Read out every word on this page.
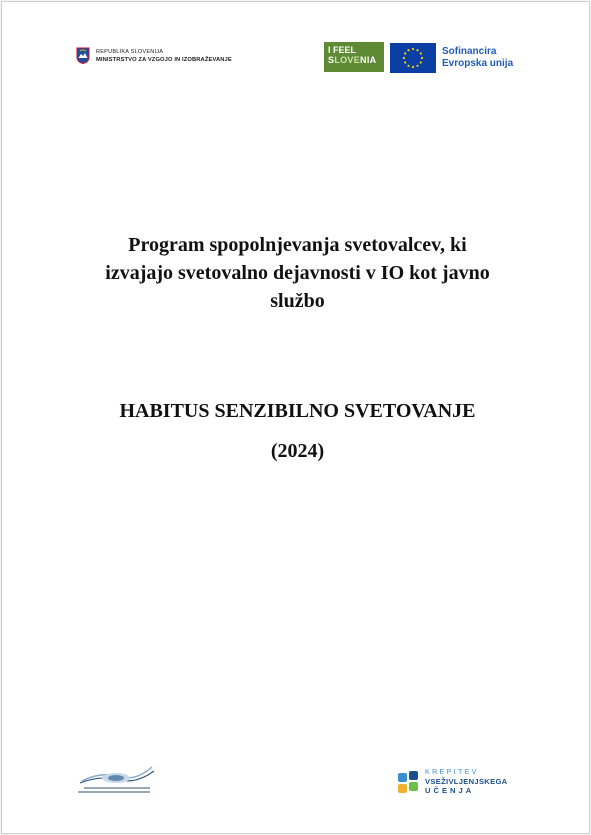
REPUBLIKA SLOVENIJA
MINISTRSTVO ZA VZGOJO IN IZOBRAŽEVANJE
I FEEL
SLOVENIA
Sofinancira
Evropska unija
Program spopolnjevanja svetovalcev, ki
izvajajo svetovalno dejavnosti v IO kot javno
službo
HABITUS SENZIBILNO SVETOVANJE
(2024)
KREPITEV
VSEŽIVLJENJSKEGA
UČENJA
